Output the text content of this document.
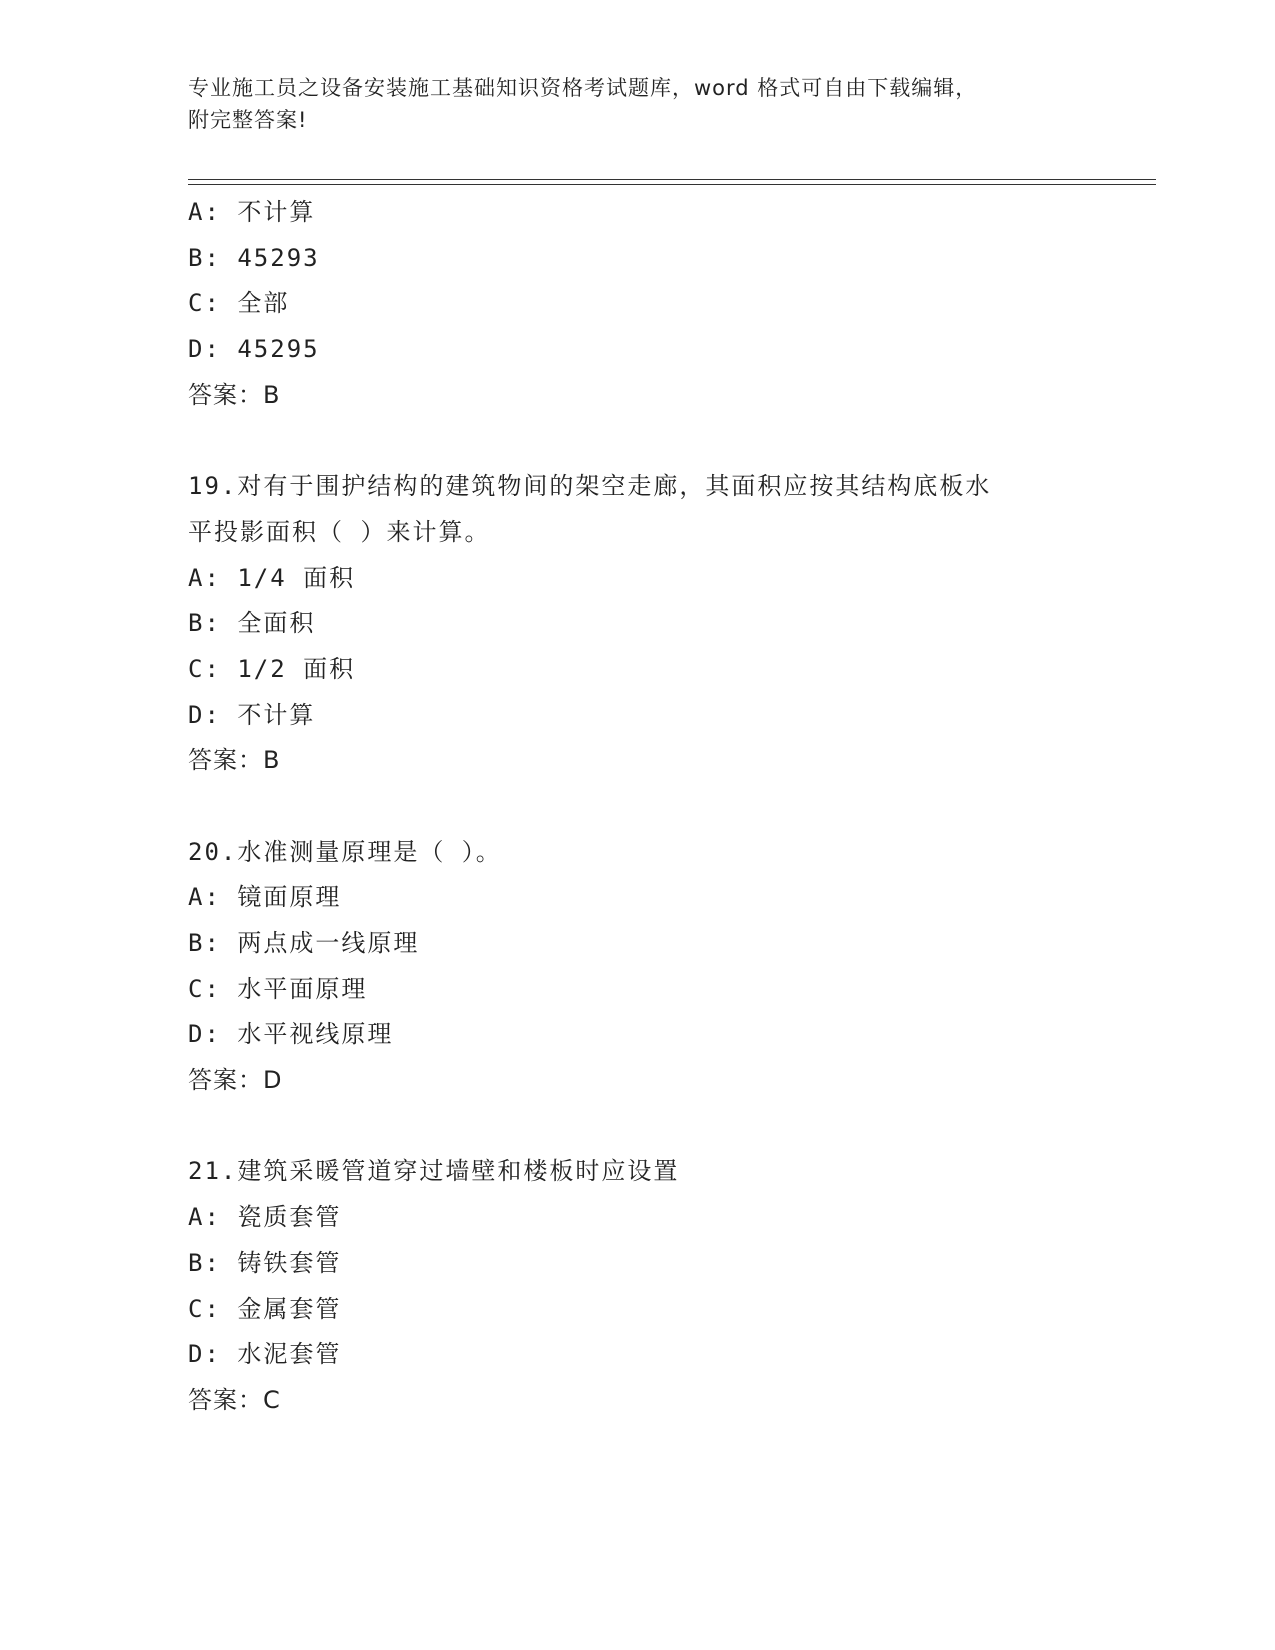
专业施工员之设备安装施工基础知识资格考试题库，word 格式可自由下载编辑，
附完整答案!
A: 不计算
B: 45293
C: 全部
D: 45295
答案：B
19.对有于围护结构的建筑物间的架空走廊，其面积应按其结构底板水
平投影面积（ ）来计算。
A: 1/4 面积
B: 全面积
C: 1/2 面积
D: 不计算
答案：B
20.水准测量原理是（ ）。
A: 镜面原理
B: 两点成一线原理
C: 水平面原理
D: 水平视线原理
答案：D
21.建筑采暖管道穿过墙壁和楼板时应设置
A: 瓷质套管
B: 铸铁套管
C: 金属套管
D: 水泥套管
答案：C
